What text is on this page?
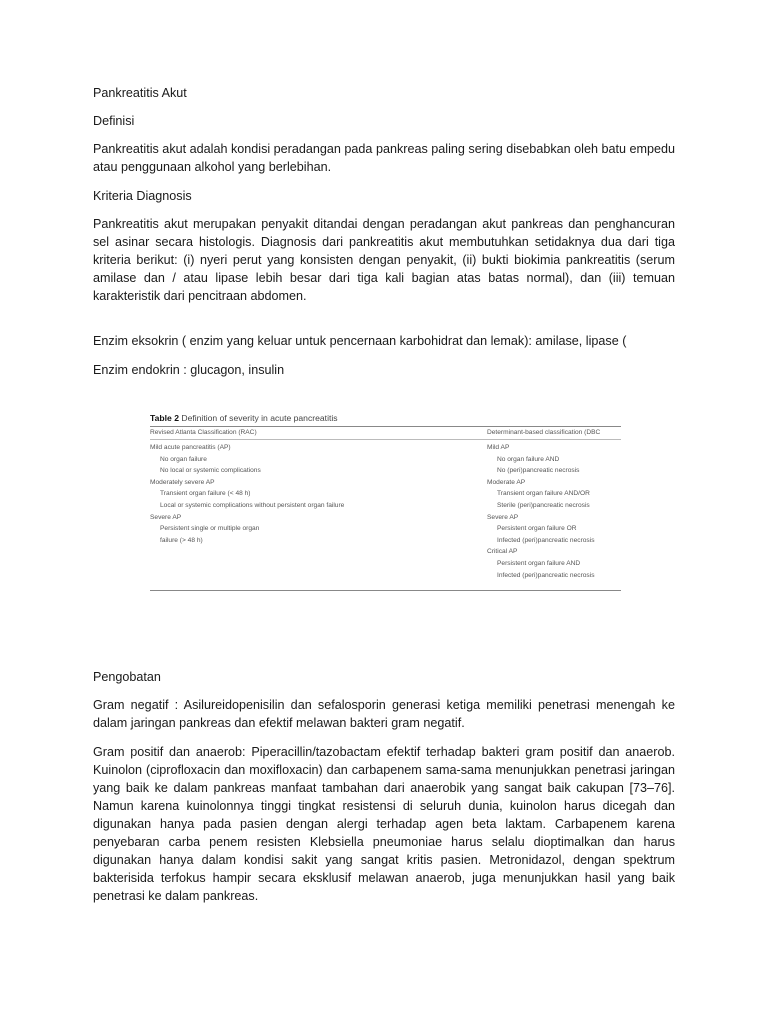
Pankreatitis Akut

Definisi

Pankreatitis akut adalah kondisi peradangan pada pankreas paling sering disebabkan oleh batu empedu atau penggunaan alkohol yang berlebihan.

Kriteria Diagnosis

Pankreatitis akut merupakan penyakit ditandai dengan peradangan akut pankreas dan penghancuran sel asinar secara histologis. Diagnosis dari pankreatitis akut membutuhkan setidaknya dua dari tiga kriteria berikut: (i) nyeri perut yang konsisten dengan penyakit, (ii) bukti biokimia pankreatitis (serum amilase dan / atau lipase lebih besar dari tiga kali bagian atas batas normal), dan (iii) temuan karakteristik dari pencitraan abdomen.

Enzim eksokrin ( enzim yang keluar untuk pencernaan karbohidrat dan lemak): amilase, lipase (

Enzim endokrin : glucagon, insulin

Table 2 Definition of severity in acute pancreatitis

Revised Atlanta Classification (RAC)	Determinant-based classification (DBC
Mild acute pancreatitis (AP)
No organ failure
No local or systemic complications
Moderately severe AP
Transient organ failure (< 48 h)
Local or systemic complications without persistent organ failure
Severe AP
Persistent single or multiple organ
failure (> 48 h)
Mild AP
No organ failure AND
No (peri)pancreatic necrosis
Moderate AP
Transient organ failure AND/OR
Sterile (peri)pancreatic necrosis
Severe AP
Persistent organ failure OR
Infected (peri)pancreatic necrosis
Critical AP
Persistent organ failure AND
Infected (peri)pancreatic necrosis

Pengobatan

Gram negatif : Asilureidopenisilin dan sefalosporin generasi ketiga memiliki penetrasi menengah ke dalam jaringan pankreas dan efektif melawan bakteri gram negatif.

Gram positif dan anaerob: Piperacillin/tazobactam efektif terhadap bakteri gram positif dan anaerob. Kuinolon (ciprofloxacin dan moxifloxacin) dan carbapenem sama-sama menunjukkan penetrasi jaringan yang baik ke dalam pankreas manfaat tambahan dari anaerobik yang sangat baik cakupan [73–76]. Namun karena kuinolonnya tinggi tingkat resistensi di seluruh dunia, kuinolon harus dicegah dan digunakan hanya pada pasien dengan alergi terhadap agen beta laktam. Carbapenem karena penyebaran carba penem resisten Klebsiella pneumoniae harus selalu dioptimalkan dan harus digunakan hanya dalam kondisi sakit yang sangat kritis pasien. Metronidazol, dengan spektrum bakterisida terfokus hampir secara eksklusif melawan anaerob, juga menunjukkan hasil yang baik penetrasi ke dalam pankreas.
